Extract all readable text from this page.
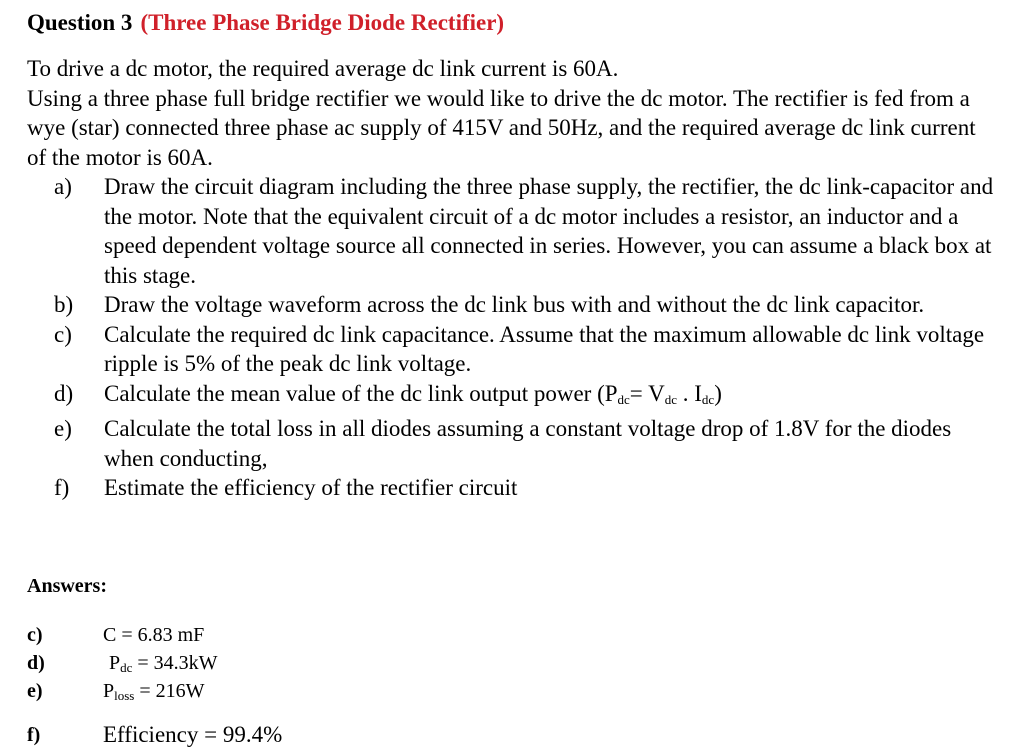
Question 3 (Three Phase Bridge Diode Rectifier)

To drive a dc motor, the required average dc link current is 60A.

Using a three phase full bridge rectifier we would like to drive the dc motor. The rectifier is fed from a wye (star) connected three phase ac supply of 415V and 50Hz, and the required average dc link current of the motor is 60A.

a) Draw the circuit diagram including the three phase supply, the rectifier, the dc link-capacitor and the motor. Note that the equivalent circuit of a dc motor includes a resistor, an inductor and a speed dependent voltage source all connected in series. However, you can assume a black box at this stage.
b) Draw the voltage waveform across the dc link bus with and without the dc link capacitor.
c) Calculate the required dc link capacitance. Assume that the maximum allowable dc link voltage ripple is 5% of the peak dc link voltage.
d) Calculate the mean value of the dc link output power (Pdc= Vdc . Idc)
e) Calculate the total loss in all diodes assuming a constant voltage drop of 1.8V for the diodes when conducting,
f) Estimate the efficiency of the rectifier circuit
Answers:
c)	C = 6.83 mF
d)	Pdc = 34.3kW
e)	Ploss = 216W
f)	Efficiency = 99.4%
